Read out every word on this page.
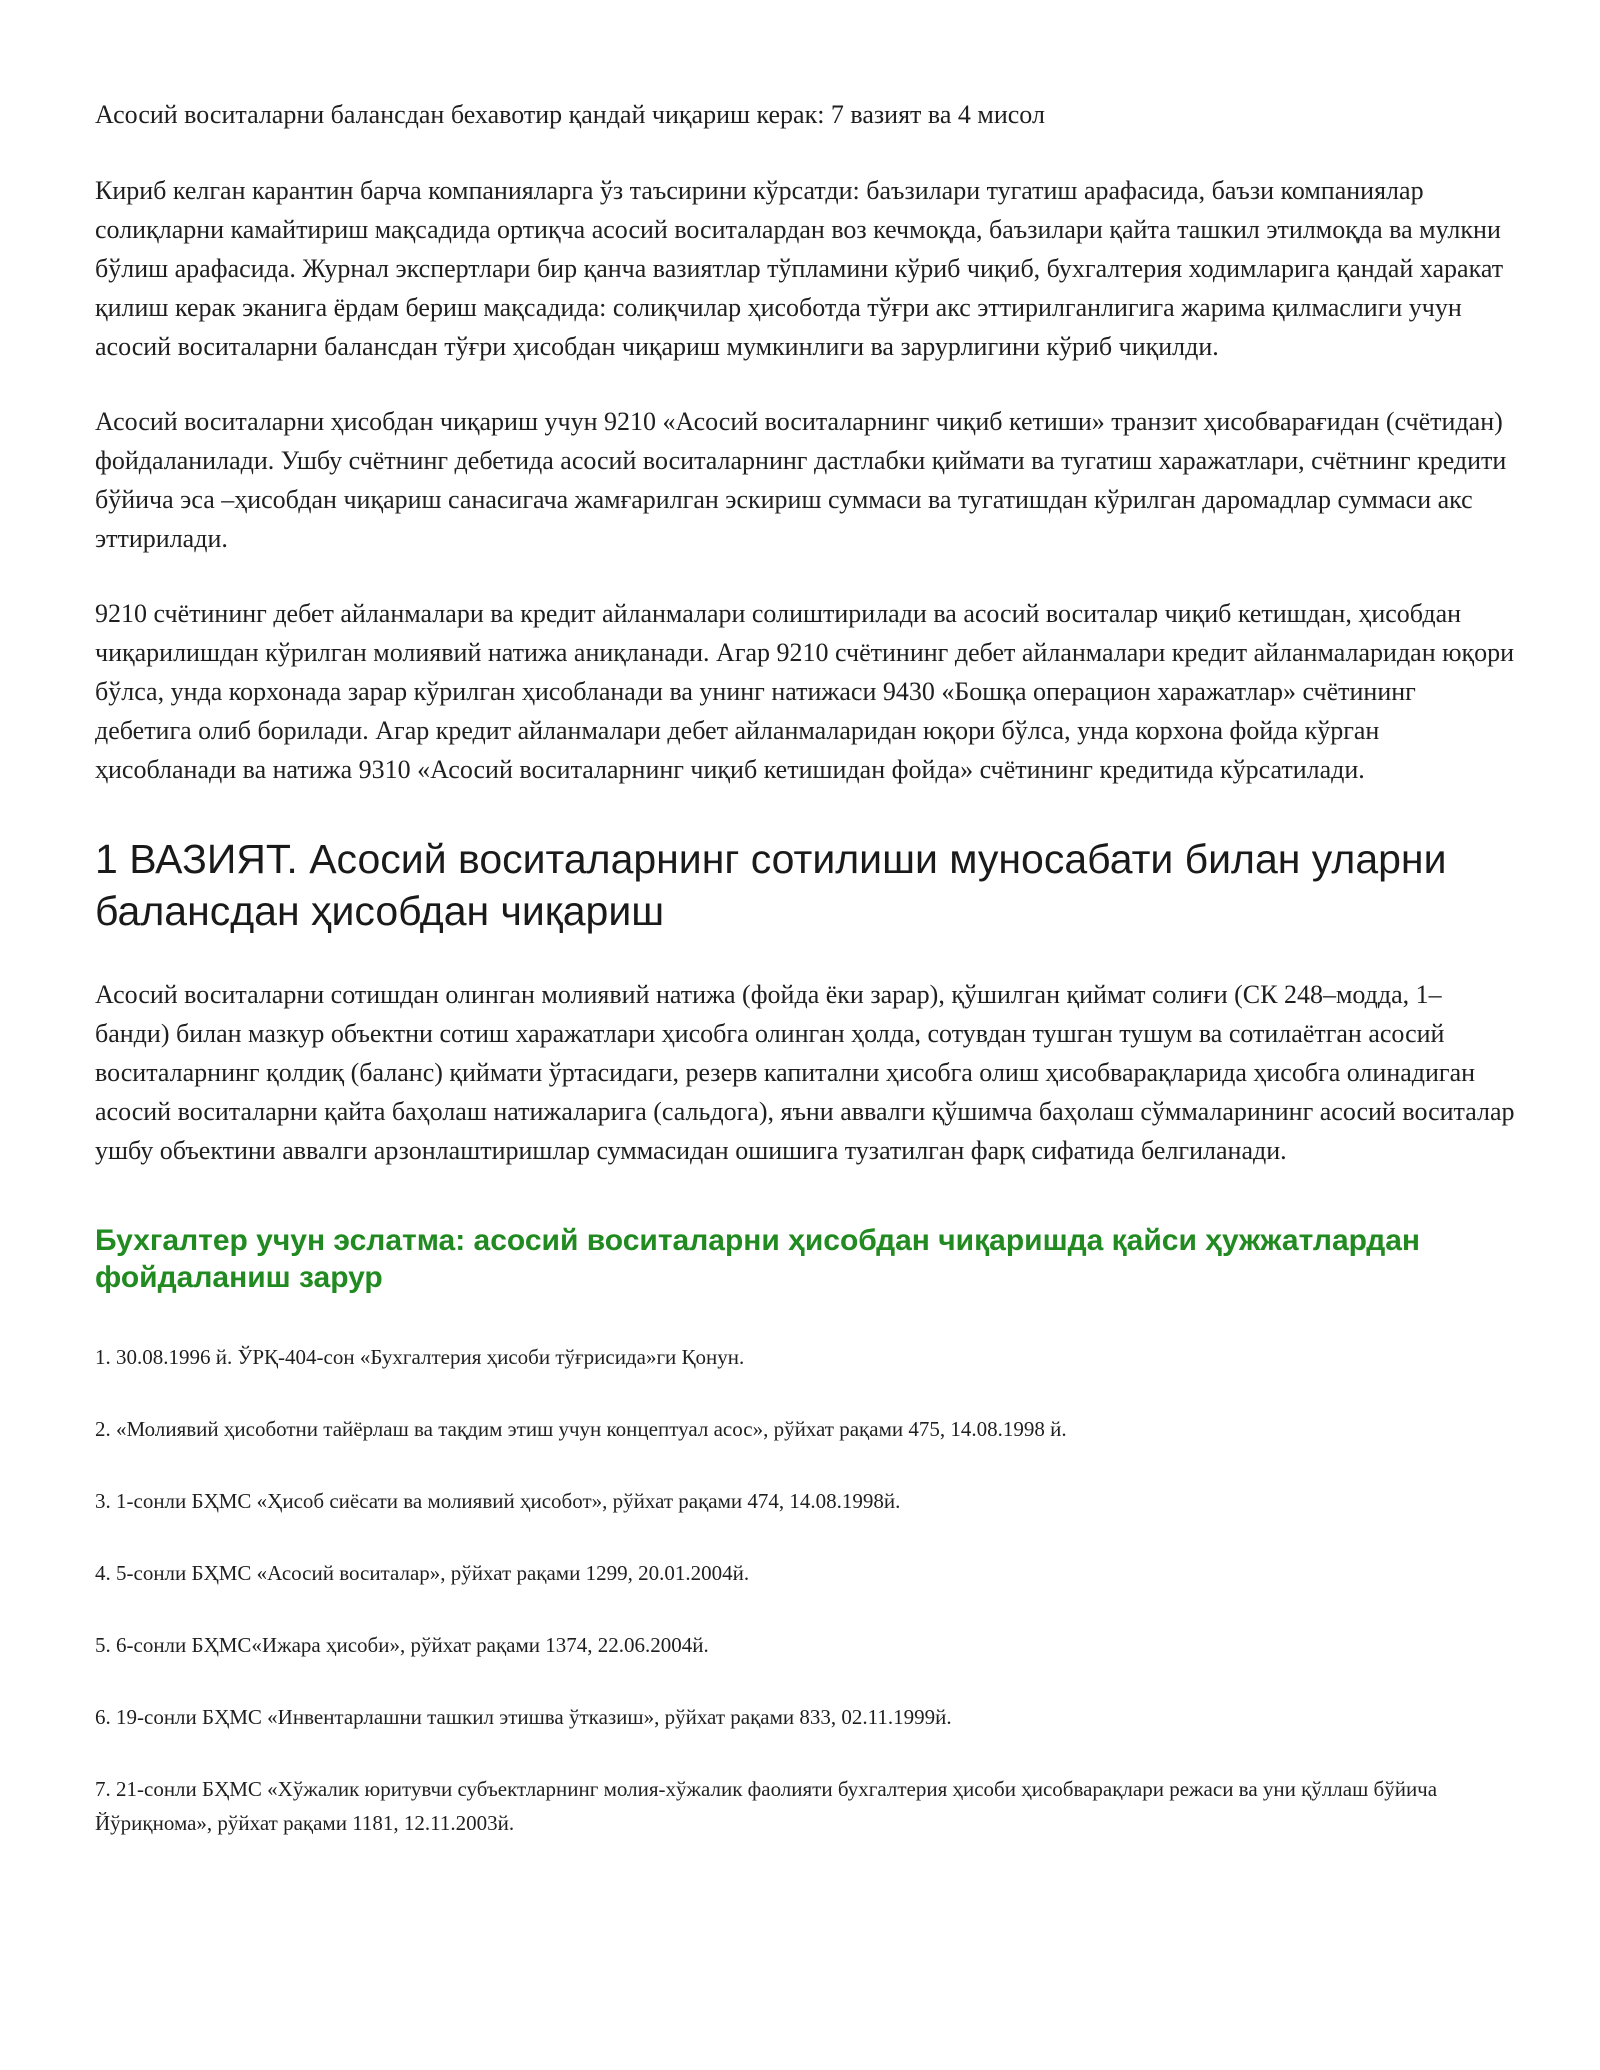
Асосий воситаларни балансдан бехавотир қандай чиқариш керак: 7 вазият ва 4 мисол

Кириб келган карантин барча компанияларга ўз таъсирини кўрсатди: баъзилари тугатиш арафасида, баъзи компаниялар солиқларни камайтириш мақсадида ортиқча асосий воситалардан воз кечмоқда, баъзилари қайта ташкил этилмоқда ва мулкни бўлиш арафасида. Журнал экспертлари бир қанча вазиятлар тўпламини кўриб чиқиб, бухгалтерия ходимларига қандай харакат қилиш керак эканига ёрдам бериш мақсадида: солиқчилар ҳисоботда тўғри акс эттирилганлигига жарима қилмаслиги учун асосий воситаларни балансдан тўғри ҳисобдан чиқариш мумкинлиги ва зарурлигини кўриб чиқилди.

Асосий воситаларни ҳисобдан чиқариш учун 9210 «Асосий воситаларнинг чиқиб кетиши» транзит ҳисобварағидан (счётидан) фойдаланилади. Ушбу счётнинг дебетида асосий воситаларнинг дастлабки қиймати ва тугатиш харажатлари, счётнинг кредити бўйича эса –ҳисобдан чиқариш санасигача жамғарилган эскириш суммаси ва тугатишдан кўрилган даромадлар суммаси акс эттирилади.

9210 счётининг дебет айланмалари ва кредит айланмалари солиштирилади ва асосий воситалар чиқиб кетишдан, ҳисобдан чиқарилишдан кўрилган молиявий натижа аниқланади. Агар 9210 счётининг дебет айланмалари кредит айланмаларидан юқори бўлса, унда корхонада зарар кўрилган ҳисобланади ва унинг натижаси 9430 «Бошқа операцион харажатлар» счётининг дебетига олиб борилади. Агар кредит айланмалари дебет айланмаларидан юқори бўлса, унда корхона фойда кўрган ҳисобланади ва натижа 9310 «Асосий воситаларнинг чиқиб кетишидан фойда» счётининг кредитида кўрсатилади.

1 ВАЗИЯТ. Асосий воситаларнинг сотилиши муносабати билан уларни балансдан ҳисобдан чиқариш

Асосий воситаларни сотишдан олинган молиявий натижа (фойда ёки зарар), қўшилган қиймат солиғи (СК 248–модда, 1–банди) билан мазкур объектни сотиш харажатлари ҳисобга олинган ҳолда, сотувдан тушган тушум ва сотилаётган асосий воситаларнинг қолдиқ (баланс) қиймати ўртасидаги, резерв капитални ҳисобга олиш ҳисобварақларида ҳисобга олинадиган асосий воситаларни қайта баҳолаш натижаларига (сальдога), яъни аввалги қўшимча баҳолаш сўммаларининг асосий воситалар ушбу объектини аввалги арзонлаштиришлар суммасидан ошишига тузатилган фарқ сифатида белгиланади.

Бухгалтер учун эслатма: асосий воситаларни ҳисобдан чиқаришда қайси ҳужжатлардан фойдаланиш зарур
1. 30.08.1996 й. ЎРҚ-404-сон «Бухгалтерия ҳисоби тўғрисида»ги Қонун.
2. «Молиявий ҳисоботни тайёрлаш ва тақдим этиш учун концептуал асос», рўйхат рақами 475, 14.08.1998 й.
3. 1-сонли БҲМС «Ҳисоб сиёсати ва молиявий ҳисобот», рўйхат рақами 474, 14.08.1998й.
4. 5-сонли БҲМС «Асосий воситалар», рўйхат рақами 1299, 20.01.2004й.
5. 6-сонли БҲМС«Ижара ҳисоби», рўйхат рақами 1374, 22.06.2004й.
6. 19-сонли БҲМС «Инвентарлашни ташкил этишва ўтказиш», рўйхат рақами 833, 02.11.1999й.
7. 21-сонли БҲМС «Хўжалик юритувчи субъектларнинг молия-хўжалик фаолияти бухгалтерия ҳисоби ҳисобварақлари режаси ва уни қўллаш бўйича Йўриқнома», рўйхат рақами 1181, 12.11.2003й.
